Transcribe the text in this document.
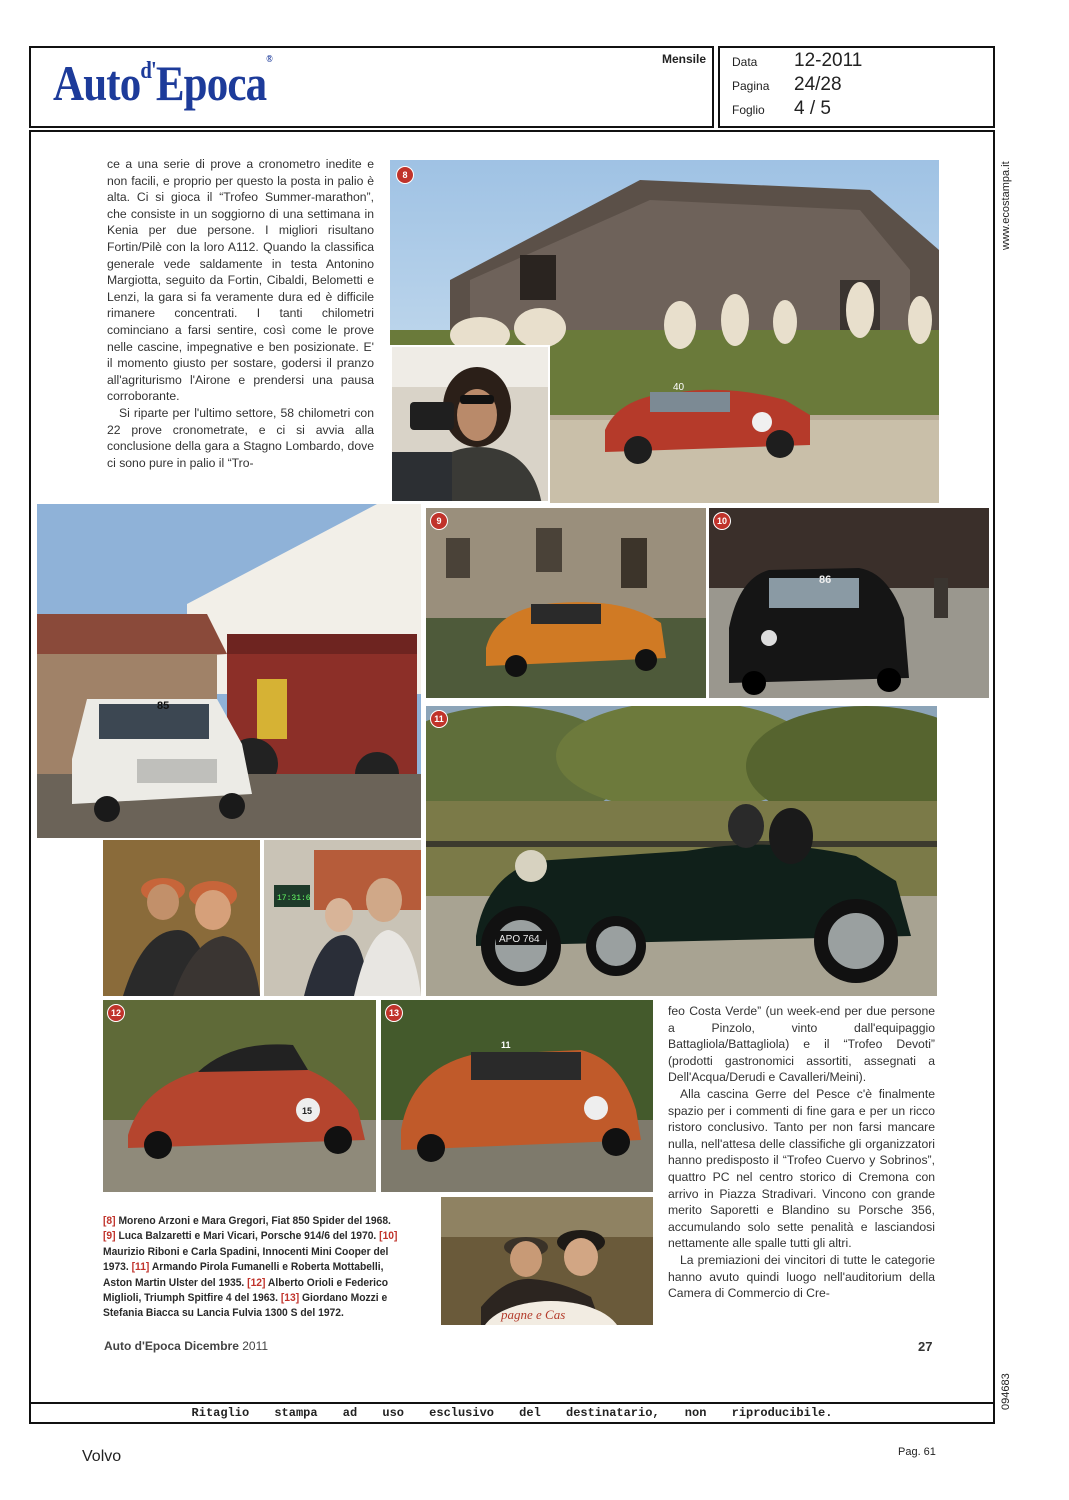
Auto$^{d'}$Epoca®	Mensile Data 12-2011
Pagina 24/28
Foglio 4 / 5
www.ecostampa.it
094683

ce a una serie di prove a cronometro inedite e non facili, e proprio per questo la posta in palio è alta. Ci si gioca il “Trofeo Summer-marathon”, che consiste in un soggiorno di una settimana in Kenia per due persone. I migliori risultano Fortin/Pilè con la loro A112. Quando la classifica generale vede saldamente in testa Antonino Margiotta, seguito da Fortin, Cibaldi, Belometti e Lenzi, la gara si fa veramente dura ed è difficile rimanere concentrati. I tanti chilometri cominciano a farsi sentire, così come le prove nelle cascine, impegnative e ben posizionate. E' il momento giusto per sostare, godersi il pranzo all'agriturismo l'Airone e prendersi una pausa corroborante.

Si riparte per l'ultimo settore, 58 chilometri con 22 prove cronometrate, e ci si avvia alla conclusione della gara a Stagno Lombardo, dove ci sono pure in palio il “Tro-

40
8
85
9
86
10
APO 764
11
17:31:6
15
12
11
13
pagne e Cas
[8] Moreno Arzoni e Mara Gregori, Fiat 850 Spider del 1968. [9] Luca Balzaretti e Mari Vicari, Porsche 914/6 del 1970. [10] Maurizio Riboni e Carla Spadini, Innocenti Mini Cooper del 1973. [11] Armando Pirola Fumanelli e Roberta Mottabelli, Aston Martin Ulster del 1935. [12] Alberto Orioli e Federico Miglioli, Triumph Spitfire 4 del 1963. [13] Giordano Mozzi e Stefania Biacca su Lancia Fulvia 1300 S del 1972.

feo Costa Verde” (un week-end per due persone a Pinzolo, vinto dall'equipaggio Battagliola/Battagliola) e il “Trofeo Devoti” (prodotti gastronomici assortiti, assegnati a Dell'Acqua/Derudi e Cavalleri/Meini).

Alla cascina Gerre del Pesce c'è finalmente spazio per i commenti di fine gara e per un ricco ristoro conclusivo. Tanto per non farsi mancare nulla, nell'attesa delle classifiche gli organizzatori hanno predisposto il “Trofeo Cuervo y Sobrinos”, quattro PC nel centro storico di Cremona con arrivo in Piazza Stradivari. Vincono con grande merito Saporetti e Blandino su Porsche 356, accumulando solo sette penalità e lasciandosi nettamente alle spalle tutti gli altri.

La premiazioni dei vincitori di tutte le categorie hanno avuto quindi luogo nell'auditorium della Camera di Commercio di Cre-

Auto d'Epoca Dicembre 2011	27
Ritaglio stampa ad uso esclusivo del destinatario, non riproducibile.
Volvo	Pag. 61
